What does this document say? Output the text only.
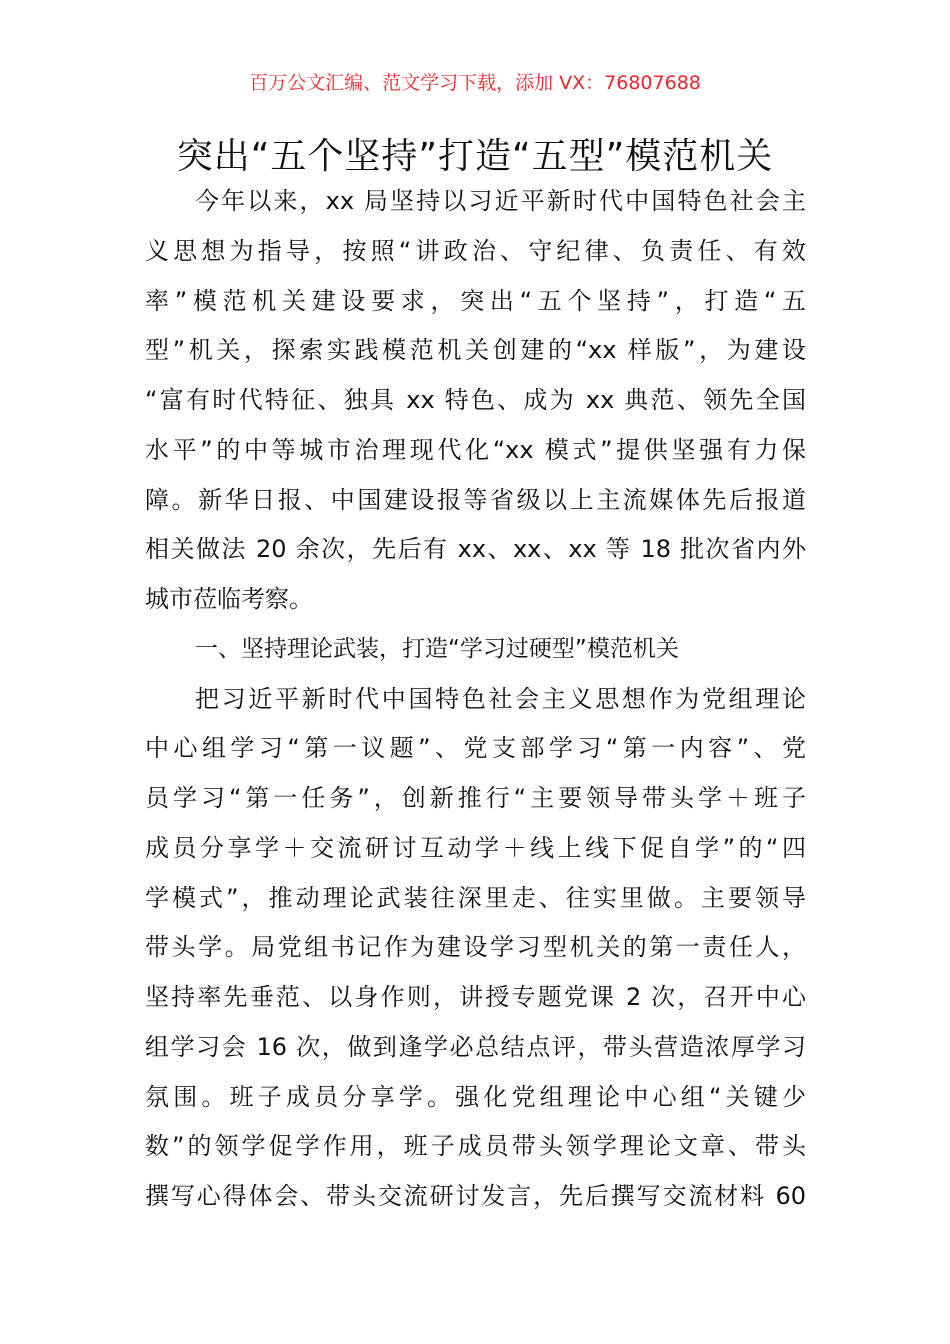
百万公文汇编、范文学习下载，添加 VX：76807688
突出“五个坚持”打造“五型”模范机关
今年以来，xx 局坚持以习近平新时代中国特色社会主
义思想为指导，按照“讲政治、守纪律、负责任、有效
率”模范机关建设要求，突出“五个坚持”，打造“五
型”机关，探索实践模范机关创建的“xx 样版”，为建设
“富有时代特征、独具 xx 特色、成为 xx 典范、领先全国
水平”的中等城市治理现代化“xx 模式”提供坚强有力保
障。新华日报、中国建设报等省级以上主流媒体先后报道
相关做法 20 余次，先后有 xx、xx、xx 等 18 批次省内外
城市莅临考察。
一、坚持理论武装，打造“学习过硬型”模范机关
把习近平新时代中国特色社会主义思想作为党组理论
中心组学习“第一议题”、党支部学习“第一内容”、党
员学习“第一任务”，创新推行“主要领导带头学＋班子
成员分享学＋交流研讨互动学＋线上线下促自学”的“四
学模式”，推动理论武装往深里走、往实里做。主要领导
带头学。局党组书记作为建设学习型机关的第一责任人，
坚持率先垂范、以身作则，讲授专题党课 2 次，召开中心
组学习会 16 次，做到逢学必总结点评，带头营造浓厚学习
氛围。班子成员分享学。强化党组理论中心组“关键少
数”的领学促学作用，班子成员带头领学理论文章、带头
撰写心得体会、带头交流研讨发言，先后撰写交流材料 60
